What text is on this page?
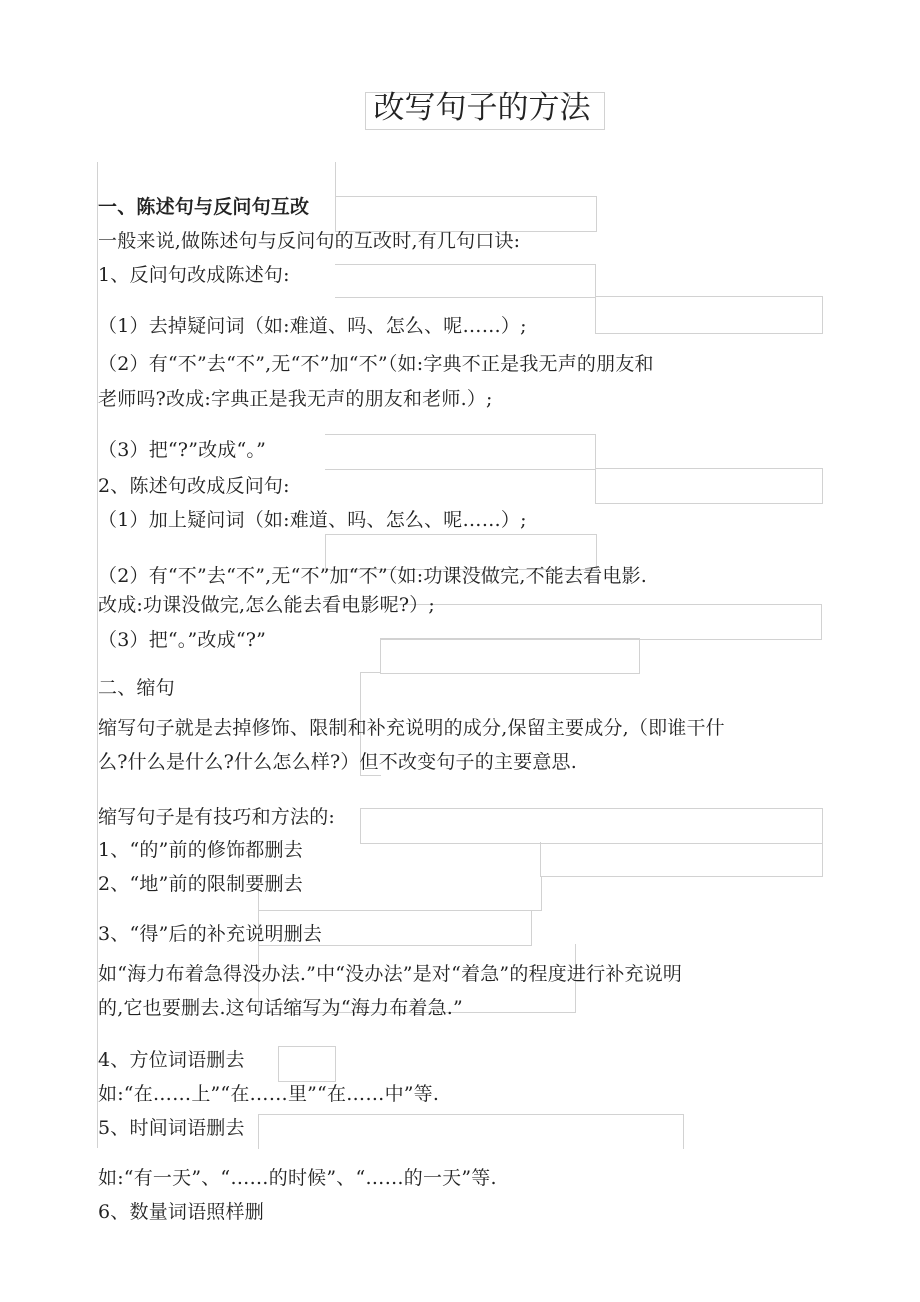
改写句子的方法
一、陈述句与反问句互改
一般来说,做陈述句与反问句的互改时,有几句口诀:
1、反问句改成陈述句:
（1）去掉疑问词（如:难道、吗、怎么、呢……）;
（2）有“不”去“不”,无“不”加“不”（如:字典不正是我无声的朋友和
老师吗?改成:字典正是我无声的朋友和老师.）;
（3）把“?”改成“。”
2、陈述句改成反问句:
（1）加上疑问词（如:难道、吗、怎么、呢……）;
（2）有“不”去“不”,无“不”加“不”（如:功课没做完,不能去看电影.
改成:功课没做完,怎么能去看电影呢?）;
（3）把“。”改成“?”
二、缩句
缩写句子就是去掉修饰、限制和补充说明的成分,保留主要成分,（即谁干什
么?什么是什么?什么怎么样?）但不改变句子的主要意思.
缩写句子是有技巧和方法的:
1、“的”前的修饰都删去
2、“地”前的限制要删去
3、“得”后的补充说明删去
如“海力布着急得没办法.”中“没办法”是对“着急”的程度进行补充说明
的,它也要删去.这句话缩写为“海力布着急.”
4、方位词语删去
如:“在……上”“在……里”“在……中”等.
5、时间词语删去
如:“有一天”、“……的时候”、“……的一天”等.
6、数量词语照样删
